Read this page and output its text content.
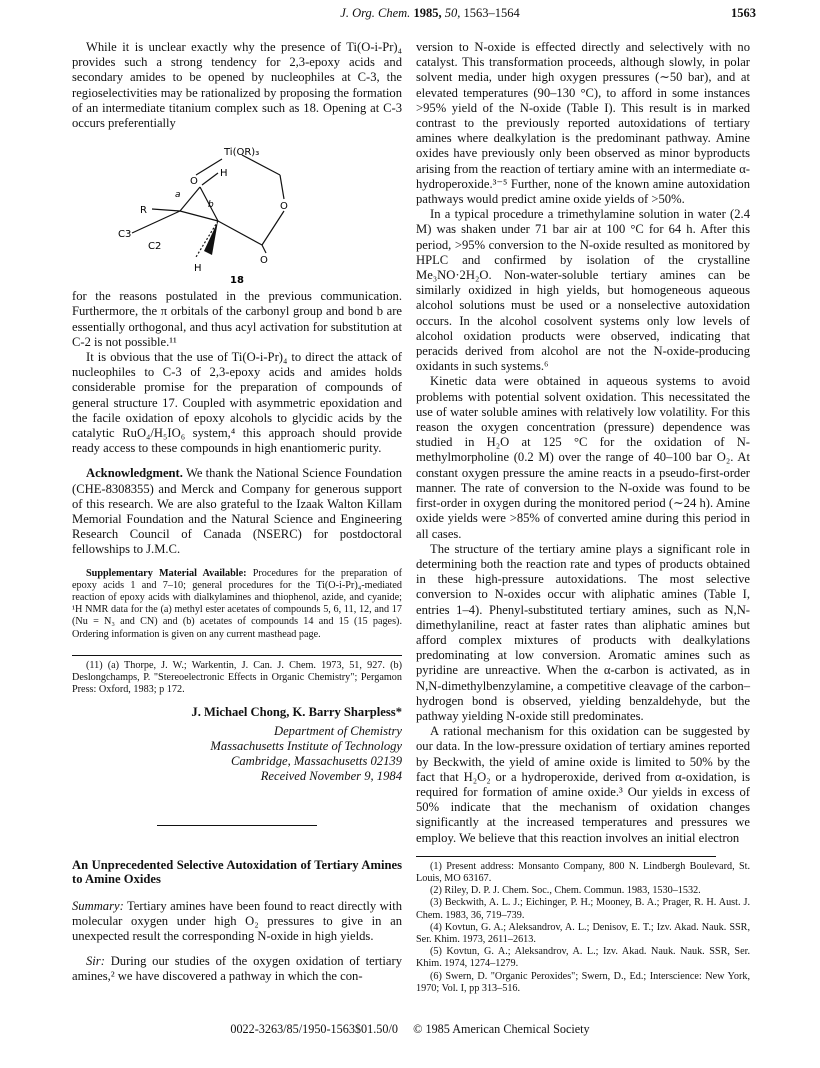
J. Org. Chem. 1985, 50, 1563–1564	1563

While it is unclear exactly why the presence of Ti(O-i-Pr)₄ provides such a strong tendency for 2,3-epoxy acids and secondary amides to be opened by nucleophiles at C-3, the regioselectivities may be rationalized by proposing the formation of an intermediate titanium complex such as 18. Opening at C-3 occurs preferentially

Ti(OR)₃
O
O
O
H
H
a
b
R
C3
C2
18

for the reasons postulated in the previous communication. Furthermore, the π orbitals of the carbonyl group and bond b are essentially orthogonal, and thus acyl activation for substitution at C-2 is not possible.¹¹

It is obvious that the use of Ti(O-i-Pr)₄ to direct the attack of nucleophiles to C-3 of 2,3-epoxy acids and amides holds considerable promise for the preparation of compounds of general structure 17. Coupled with asymmetric epoxidation and the facile oxidation of epoxy alcohols to glycidic acids by the catalytic RuO₄/H₅IO₆ system,⁴ this approach should provide ready access to these compounds in high enantiomeric purity.

Acknowledgment. We thank the National Science Foundation (CHE-8308355) and Merck and Company for generous support of this research. We are also grateful to the Izaak Walton Killam Memorial Foundation and the Natural Science and Engineering Research Council of Canada (NSERC) for postdoctoral fellowships to J.M.C.

Supplementary Material Available: Procedures for the preparation of epoxy acids 1 and 7–10; general procedures for the Ti(O-i-Pr)₄-mediated reaction of epoxy acids with dialkylamines and thiophenol, azide, and cyanide; ¹H NMR data for the (a) methyl ester acetates of compounds 5, 6, 11, 12, and 17 (Nu = N₃ and CN) and (b) acetates of compounds 14 and 15 (15 pages). Ordering information is given on any current masthead page.

(11) (a) Thorpe, J. W.; Warkentin, J. Can. J. Chem. 1973, 51, 927. (b) Deslongchamps, P. "Stereoelectronic Effects in Organic Chemistry"; Pergamon Press: Oxford, 1983; p 172.

J. Michael Chong, K. Barry Sharpless*
Department of Chemistry
Massachusetts Institute of Technology
Cambridge, Massachusetts 02139
Received November 9, 1984
An Unprecedented Selective Autoxidation of Tertiary Amines to Amine Oxides

Summary: Tertiary amines have been found to react directly with molecular oxygen under high O₂ pressures to give in an unexpected result the corresponding N-oxide in high yields.

Sir: During our studies of the oxygen oxidation of tertiary amines,² we have discovered a pathway in which the con-

version to N-oxide is effected directly and selectively with no catalyst. This transformation proceeds, although slowly, in polar solvent media, under high oxygen pressures (∼50 bar), and at elevated temperatures (90–130 °C), to afford in some instances >95% yield of the N-oxide (Table I). This result is in marked contrast to the previously reported autoxidations of tertiary amines where dealkylation is the predominant pathway. Amine oxides have previously only been observed as minor byproducts arising from the reaction of tertiary amine with an intermediate α-hydroperoxide.³⁻⁵ Further, none of the known amine autoxidation pathways would predict amine oxide yields of >50%.

In a typical procedure a trimethylamine solution in water (2.4 M) was shaken under 71 bar air at 100 °C for 64 h. After this period, >95% conversion to the N-oxide resulted as monitored by HPLC and confirmed by isolation of the crystalline Me₃NO·2H₂O. Non-water-soluble tertiary amines can be similarly oxidized in high yields, but homogeneous aqueous alcohol solutions must be used or a nonselective autoxidation occurs. In the alcohol cosolvent systems only low levels of alcohol oxidation products were observed, indicating that peracids derived from alcohol are not the N-oxide-producing oxidants in such systems.⁶

Kinetic data were obtained in aqueous systems to avoid problems with potential solvent oxidation. This necessitated the use of water soluble amines with relatively low volatility. For this reason the oxygen concentration (pressure) dependence was studied in H₂O at 125 °C for the oxidation of N-methylmorpholine (0.2 M) over the range of 40–100 bar O₂. At constant oxygen pressure the amine reacts in a pseudo-first-order manner. The rate of conversion to the N-oxide was found to be first-order in oxygen during the monitored period (∼24 h). Amine oxide yields were >85% of converted amine during this period in all cases.

The structure of the tertiary amine plays a significant role in determining both the reaction rate and types of products obtained in these high-pressure autoxidations. The most selective conversion to N-oxides occur with aliphatic amines (Table I, entries 1–4). Phenyl-substituted tertiary amines, such as N,N-dimethylaniline, react at faster rates than aliphatic amines but afford complex mixtures of products with dealkylations predominating at low conversion. Aromatic amines such as pyridine are unreactive. When the α-carbon is activated, as in N,N-dimethylbenzylamine, a competitive cleavage of the carbon–hydrogen bond is observed, yielding benzaldehyde, but the pathway yielding N-oxide still predominates.

A rational mechanism for this oxidation can be suggested by our data. In the low-pressure oxidation of tertiary amines reported by Beckwith, the yield of amine oxide is limited to 50% by the fact that H₂O₂ or a hydroperoxide, derived from α-oxidation, is required for formation of amine oxide.³ Our yields in excess of 50% indicate that the mechanism of oxidation changes significantly at the increased temperatures and pressures we employ. We believe that this reaction involves an initial electron

(1) Present address: Monsanto Company, 800 N. Lindbergh Boulevard, St. Louis, MO 63167.

(2) Riley, D. P. J. Chem. Soc., Chem. Commun. 1983, 1530–1532.

(3) Beckwith, A. L. J.; Eichinger, P. H.; Mooney, B. A.; Prager, R. H. Aust. J. Chem. 1983, 36, 719–739.

(4) Kovtun, G. A.; Aleksandrov, A. L.; Denisov, E. T.; Izv. Akad. Nauk. SSR, Ser. Khim. 1973, 2611–2613.

(5) Kovtun, G. A.; Aleksandrov, A. L.; Izv. Akad. Nauk. Nauk. SSR, Ser. Khim. 1974, 1274–1279.

(6) Swern, D. "Organic Peroxides"; Swern, D., Ed.; Interscience: New York, 1970; Vol. I, pp 313–516.

0022-3263/85/1950-1563$01.50/0 © 1985 American Chemical Society
